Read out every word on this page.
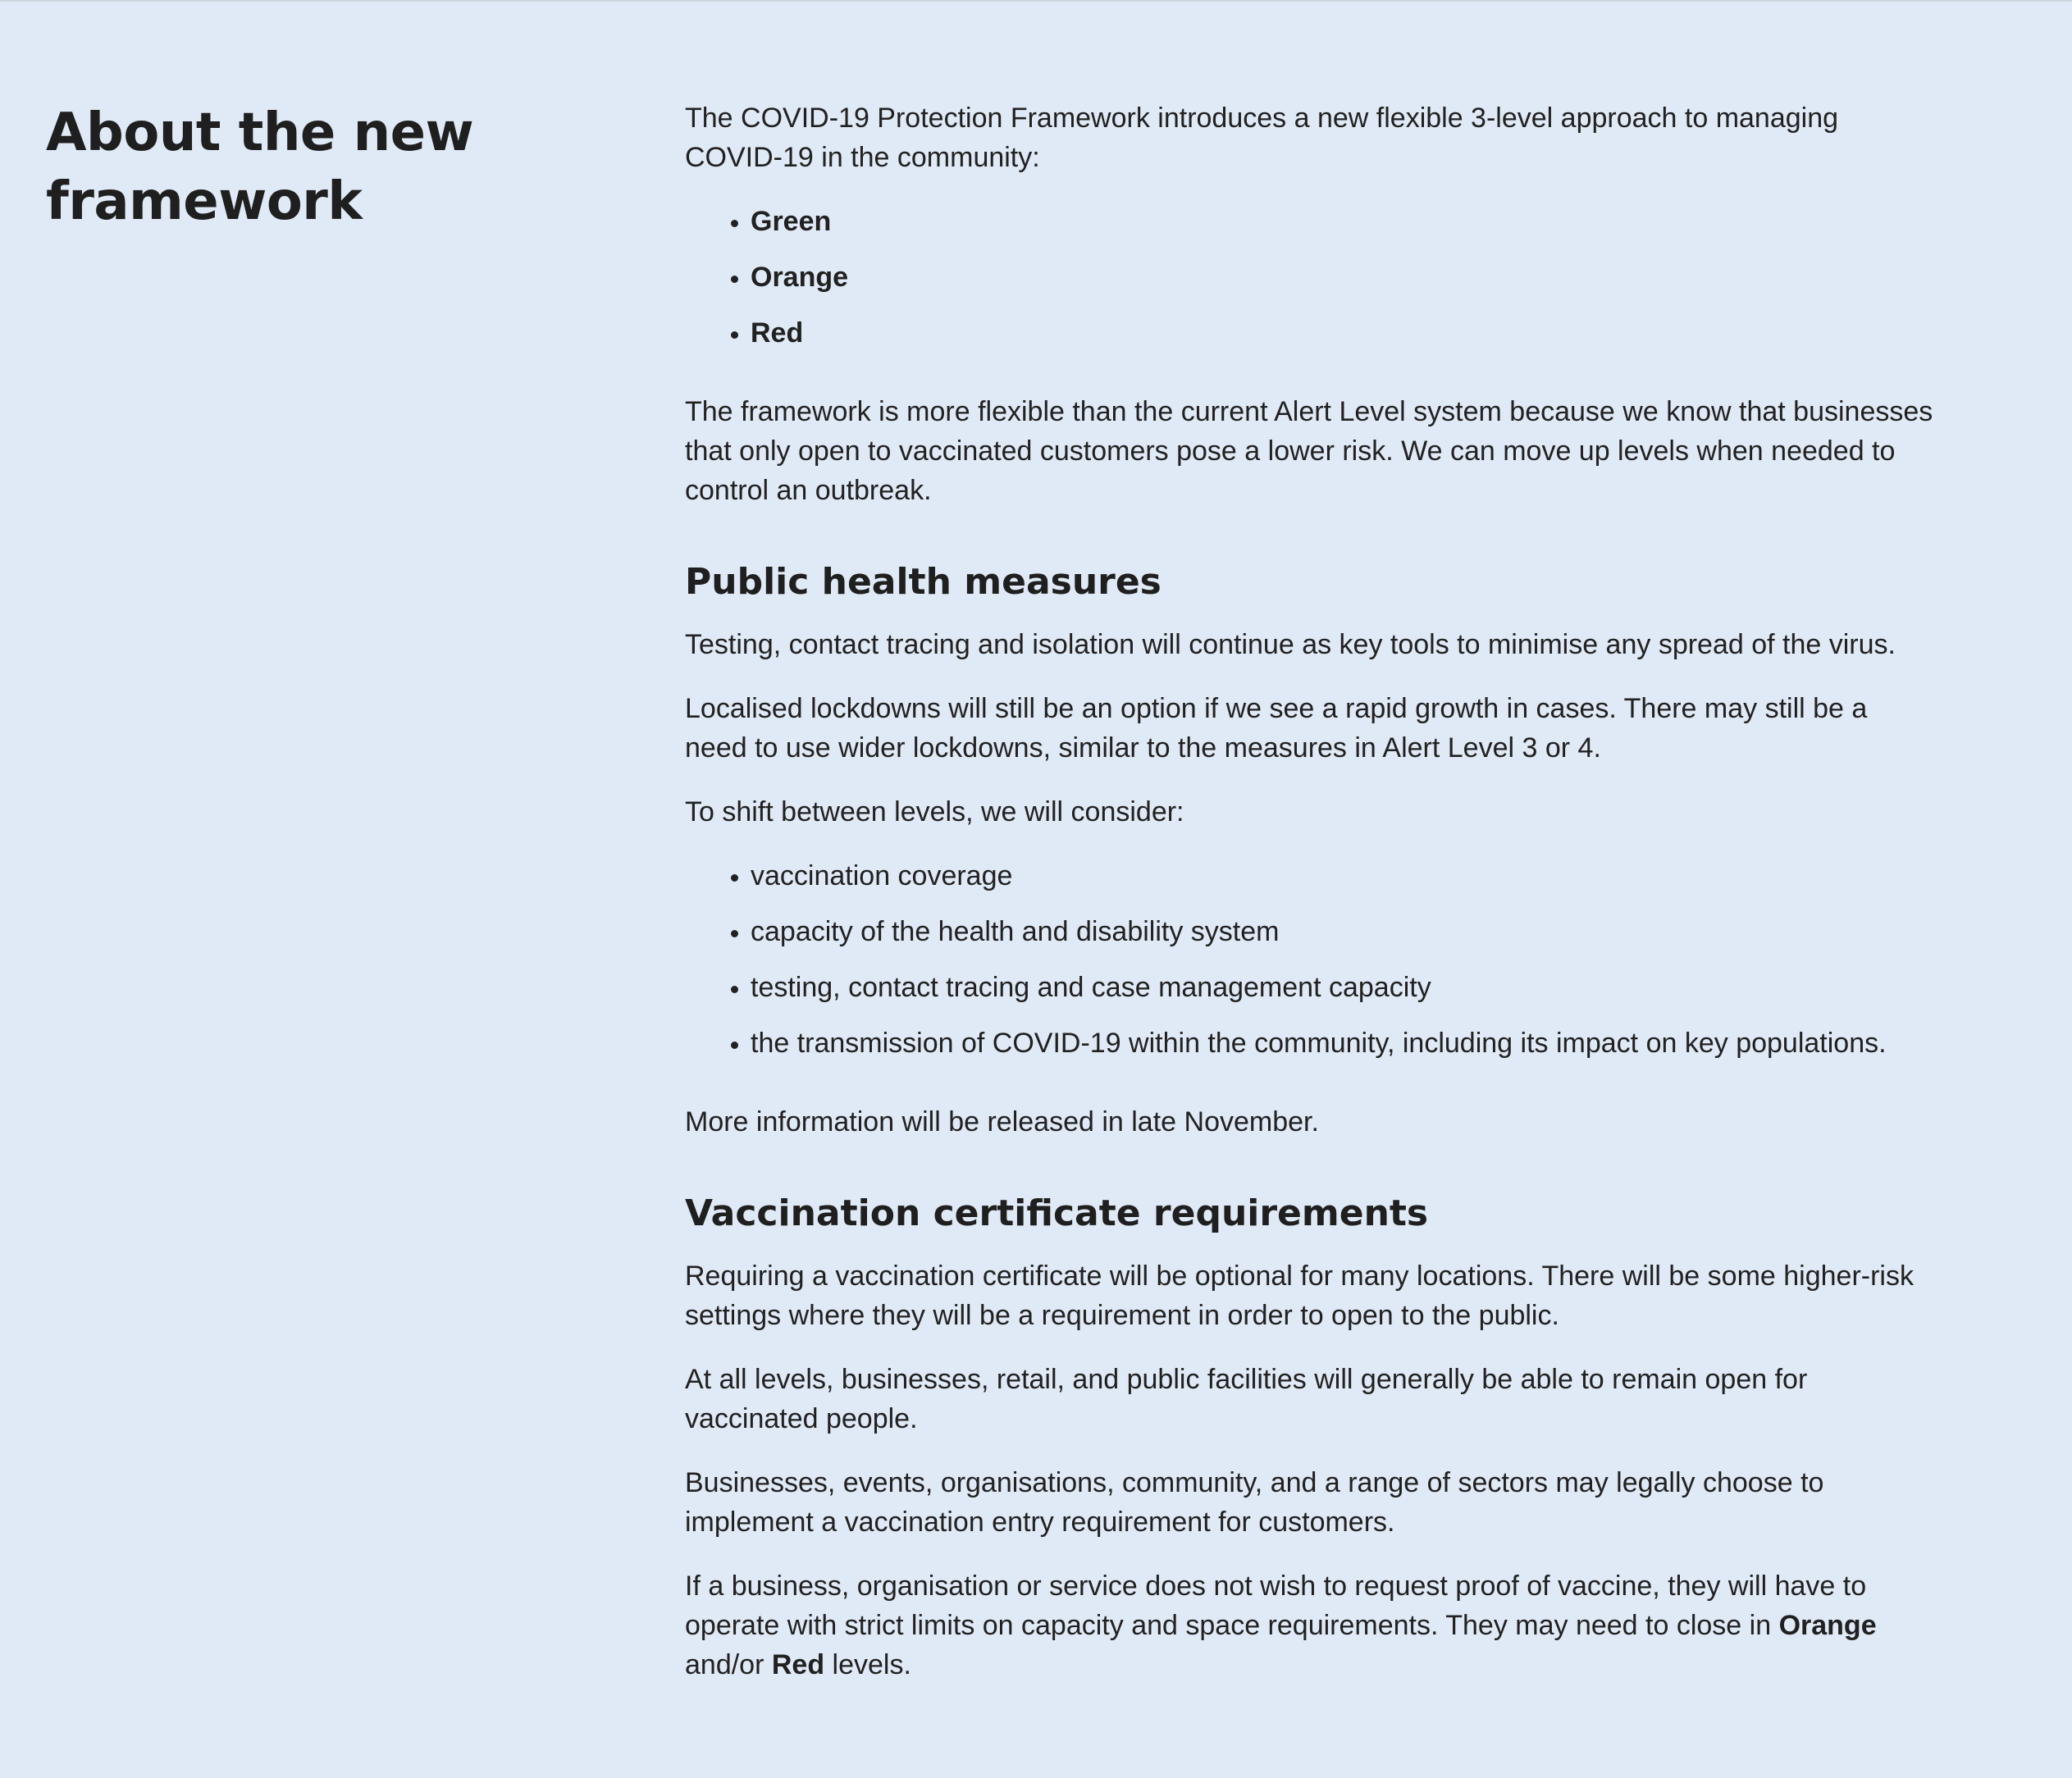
About the new framework

The COVID-19 Protection Framework introduces a new flexible 3-level approach to managing COVID-19 in the community:

• Green
• Orange
• Red

The framework is more flexible than the current Alert Level system because we know that businesses that only open to vaccinated customers pose a lower risk. We can move up levels when needed to control an outbreak.

Public health measures

Testing, contact tracing and isolation will continue as key tools to minimise any spread of the virus.

Localised lockdowns will still be an option if we see a rapid growth in cases. There may still be a need to use wider lockdowns, similar to the measures in Alert Level 3 or 4.

To shift between levels, we will consider:

• vaccination coverage
• capacity of the health and disability system
• testing, contact tracing and case management capacity
• the transmission of COVID-19 within the community, including its impact on key populations.

More information will be released in late November.

Vaccination certificate requirements

Requiring a vaccination certificate will be optional for many locations. There will be some higher-risk settings where they will be a requirement in order to open to the public.

At all levels, businesses, retail, and public facilities will generally be able to remain open for vaccinated people.

Businesses, events, organisations, community, and a range of sectors may legally choose to implement a vaccination entry requirement for customers.

If a business, organisation or service does not wish to request proof of vaccine, they will have to operate with strict limits on capacity and space requirements. They may need to close in Orange and/or Red levels.
